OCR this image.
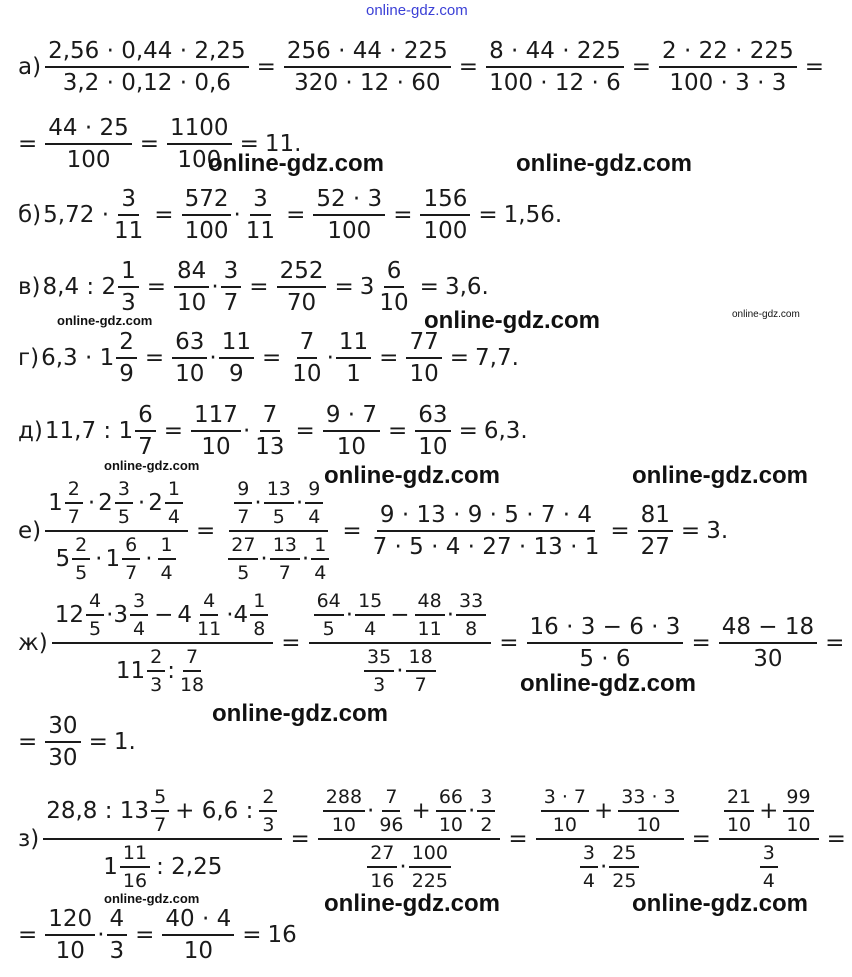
online-gdz.com
$а) \frac{2,56 \cdot 0,44 \cdot 2,25}{3,2 \cdot 0,12 \cdot 0,6} = \frac{256 \cdot 44 \cdot 225}{320 \cdot 12 \cdot 60} = \frac{8 \cdot 44 \cdot 225}{100 \cdot 12 \cdot 6} = \frac{2 \cdot 22 \cdot 225}{100 \cdot 3 \cdot 3}$ =
= $\frac{44 \cdot 25}{100} = \frac{1100}{100} = 11$.
online-gdz.com	online-gdz.com
б) $5,72 \cdot \frac{3}{11} = \frac{572}{100} \cdot \frac{3}{11} = \frac{52 \cdot 3}{100} = \frac{156}{100} = 1,56$.
в) 8,4 : $2 \frac{1}{3} = \frac{84}{10} \cdot \frac{3}{7} = \frac{252}{70} = 3 \frac{6}{10} = 3,6$.
online-gdz.com	online-gdz.com	online-gdz.com
г) $6,3 \cdot 1 \frac{2}{9} = \frac{63}{10} \cdot \frac{11}{9} = \frac{7}{10} \cdot \frac{11}{1} = \frac{77}{10} = 7,7$.
д) 11,7 : $1 \frac{6}{7} = \frac{117}{10} \cdot \frac{7}{13} = \frac{9 \cdot 7}{10} = \frac{63}{10} = 6,3$.
online-gdz.com	online-gdz.com	online-gdz.com
$е) \frac{1 \frac{2}{7} \cdot 2 \frac{3}{5} \cdot 2 \frac{1}{4}}{5 \frac{2}{5} \cdot 1 \frac{6}{7} \cdot \frac{1}{4}} = \frac{\frac{9}{7} \cdot \frac{13}{5} \cdot \frac{9}{4}}{\frac{27}{5} \cdot \frac{13}{7} \cdot \frac{1}{4}} = \frac{9 \cdot 13 \cdot 9 \cdot 5 \cdot 7 \cdot 4}{7 \cdot 5 \cdot 4 \cdot 27 \cdot 13 \cdot 1} = \frac{81}{27} = 3$.
$ж) \frac{12 \frac{4}{5} \cdot 3 \frac{3}{4} - 4 \frac{4}{11} \cdot 4 \frac{1}{8}}{11 \frac{2}{3} : \frac{7}{18}} = \frac{\frac{64}{5} \cdot \frac{15}{4} - \frac{48}{11} \cdot \frac{33}{8}}{\frac{35}{3} \cdot \frac{18}{7}} = \frac{16 \cdot 3 - 6 \cdot 3}{5 \cdot 6} = \frac{48 - 18}{30}$ =
online-gdz.com
online-gdz.com
= $\frac{30}{30} = 1$.
$з) \frac{28,8 : 13 \frac{5}{7} + 6,6 : \frac{2}{3}}{1 \frac{11}{16} : 2,25} = \frac{\frac{288}{10} \cdot \frac{7}{96} + \frac{66}{10} \cdot \frac{3}{2}}{\frac{27}{16} \cdot \frac{100}{225}} = \frac{\frac{3 \cdot 7}{10} + \frac{33 \cdot 3}{10}}{\frac{3}{4} \cdot \frac{25}{25}} = \frac{\frac{21}{10} + \frac{99}{10}}{\frac{3}{4}}$ =
online-gdz.com	online-gdz.com	online-gdz.com
= $\frac{120}{10} \cdot \frac{4}{3} = \frac{40 \cdot 4}{10} = 16$
